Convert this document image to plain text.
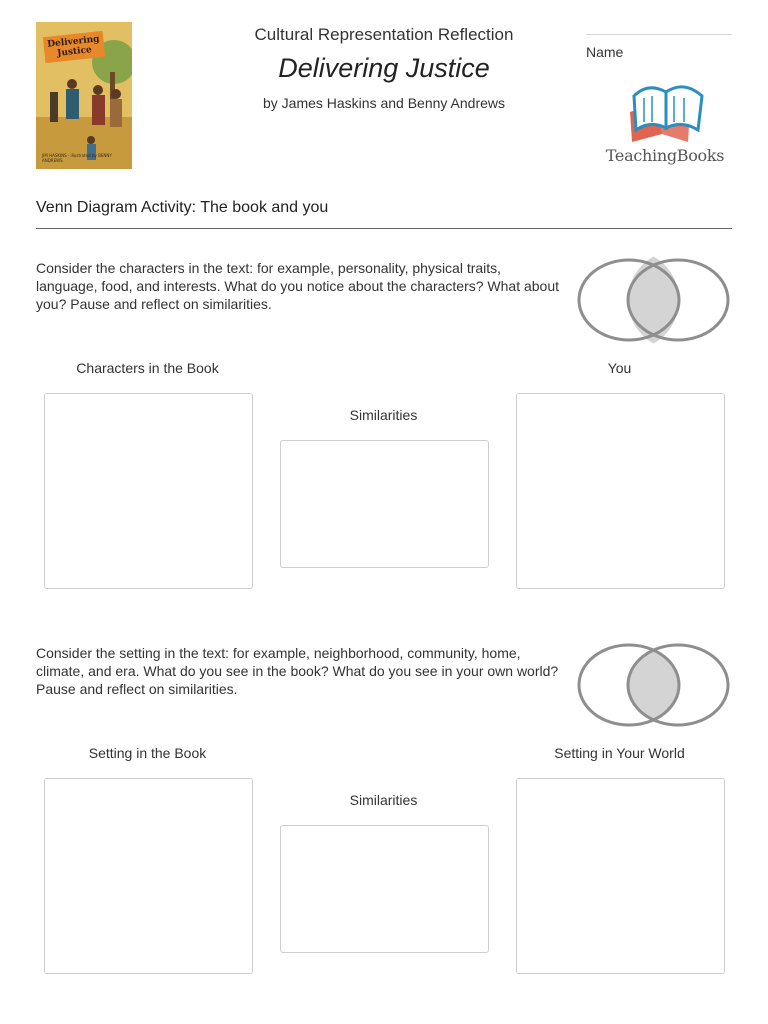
Delivering Justice
JIM HASKINS · illustrated by BENNY ANDREWS
Cultural Representation Reflection
Delivering Justice
by James Haskins and Benny Andrews
Name
TeachingBooks
Venn Diagram Activity: The book and you
Consider the characters in the text: for example, personality, physical traits, language, food, and interests. What do you notice about the characters? What about you? Pause and reflect on similarities.
Characters in the Book	You
Similarities
Consider the setting in the text: for example, neighborhood, community, home, climate, and era. What do you see in the book? What do you see in your own world? Pause and reflect on similarities.
Setting in the Book	Setting in Your World
Similarities
